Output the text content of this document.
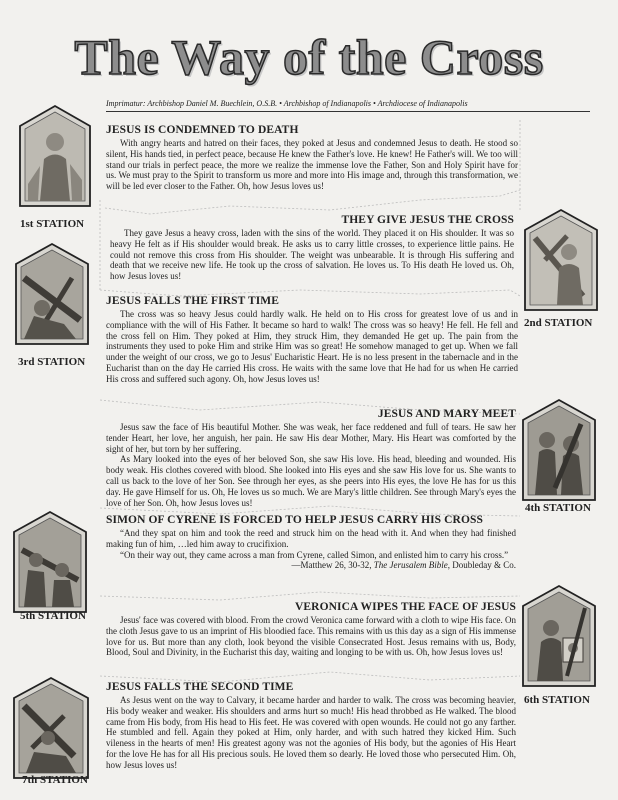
The Way of the Cross
Imprimatur: Archbishop Daniel M. Buechlein, O.S.B. • Archbishop of Indianapolis • Archdiocese of Indianapolis
1st STATION
2nd STATION
3rd STATION
4th STATION
5th STATION
6th STATION
7th STATION
JESUS IS CONDEMNED TO DEATH

With angry hearts and hatred on their faces, they poked at Jesus and condemned Jesus to death. He stood so silent, His hands tied, in perfect peace, because He knew the Father's love. He knew! He Father's will. We too will stand our trials in perfect peace, the more we realize the immense love the Father, Son and Holy Spirit have for us. We must pray to the Spirit to transform us more and more into His image and, through this transformation, we will be led ever closer to the Father. Oh, how Jesus loves us!

THEY GIVE JESUS THE CROSS

They gave Jesus a heavy cross, laden with the sins of the world. They placed it on His shoulder. It was so heavy He felt as if His shoulder would break. He asks us to carry little crosses, to experience little pains. He could not remove this cross from His shoulder. The weight was unbearable. It is through His suffering and death that we receive new life. He took up the cross of salvation. He loves us. To His death He loved us. Oh, how Jesus loves us!

JESUS FALLS THE FIRST TIME

The cross was so heavy Jesus could hardly walk. He held on to His cross for greatest love of us and in compliance with the will of His Father. It became so hard to walk! The cross was so heavy! He fell. He fell and the cross fell on Him. They poked at Him, they struck Him, they demanded He get up. The pain from the instruments they used to poke Him and strike Him was so great! He somehow managed to get up. When we fall under the weight of our cross, we go to Jesus' Eucharistic Heart. He is no less present in the tabernacle and in the Eucharist than on the day He carried His cross. He waits with the same love that He had for us when He carried His cross and suffered such agony. Oh, how Jesus loves us!

JESUS AND MARY MEET

Jesus saw the face of His beautiful Mother. She was weak, her face reddened and full of tears. He saw her tender Heart, her love, her anguish, her pain. He saw His dear Mother, Mary. His Heart was comforted by the sight of her, but torn by her suffering.

As Mary looked into the eyes of her beloved Son, she saw His love. His head, bleeding and wounded. His body weak. His clothes covered with blood. She looked into His eyes and she saw His love for us. She wants to call us back to the love of her Son. See through her eyes, as she peers into His eyes, the love He has for us this day. He gave Himself for us. Oh, He loves us so much. We are Mary's little children. See through Mary's eyes the love of her Son. Oh, how Jesus loves us!

SIMON OF CYRENE IS FORCED TO HELP JESUS CARRY HIS CROSS

“And they spat on him and took the reed and struck him on the head with it. And when they had finished making fun of him, …led him away to crucifixion.

“On their way out, they came across a man from Cyrene, called Simon, and enlisted him to carry his cross.”

—Matthew 26, 30-32, The Jerusalem Bible, Doubleday & Co.

VERONICA WIPES THE FACE OF JESUS

Jesus' face was covered with blood. From the crowd Veronica came forward with a cloth to wipe His face. On the cloth Jesus gave to us an imprint of His bloodied face. This remains with us this day as a sign of His immense love for us. But more than any cloth, look beyond the visible Consecrated Host. Jesus remains with us, Body, Blood, Soul and Divinity, in the Eucharist this day, waiting and longing to be with us. Oh, how Jesus loves us!

JESUS FALLS THE SECOND TIME

As Jesus went on the way to Calvary, it became harder and harder to walk. The cross was becoming heavier, His body weaker and weaker. His shoulders and arms hurt so much! His head throbbed as He walked. The blood came from His body, from His head to His feet. He was covered with open wounds. He could not go any farther. He stumbled and fell. Again they poked at Him, only harder, and with such hatred they kicked Him. Such vileness in the hearts of men! His greatest agony was not the agonies of His body, but the agonies of His Heart for the love He has for all His precious souls. He loved them so dearly. He loved those who persecuted Him. Oh, how Jesus loves us!
